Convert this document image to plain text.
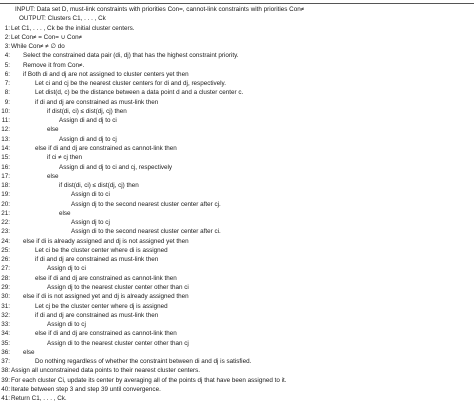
INPUT: Data set D, must-link constraints with priorities Con=, cannot-link constraints with priorities Con≠
OUTPUT: Clusters C1, . . . , Ck
1: Let C1, . . . , Ck be the initial cluster centers.
2: Let Con≠ = Con= ∪ Con≠
3: While Con≠ ≠ ∅ do
4:	Select the constrained data pair (di, dj) that has the highest constraint priority.
5:	Remove it from Con≠.
6:	if Both di and dj are not assigned to cluster centers yet then
7:	Let ci and cj be the nearest cluster centers for di and dj, respectively.
8:	Let dist(d, c) be the distance between a data point d and a cluster center c.
9:	if di and dj are constrained as must-link then
10:	if dist(di, ci) ≤ dist(dj, cj) then
11:	Assign di and dj to ci
12:	else
13:	Assign di and dj to cj
14:	else if di and dj are constrained as cannot-link then
15:	if ci ≠ cj then
16:	Assign di and dj to ci and cj, respectively
17:	else
18:	if dist(di, ci) ≤ dist(dj, cj) then
19:	Assign di to ci
20:	Assign dj to the second nearest cluster center after cj.
21:	else
22:	Assign dj to cj
23:	Assign di to the second nearest cluster center after ci.
24:	else if di is already assigned and dj is not assigned yet then
25:	Let ci be the cluster center where di is assigned
26:	if di and dj are constrained as must-link then
27:	Assign dj to ci
28:	else if di and dj are constrained as cannot-link then
29:	Assign dj to the nearest cluster center other than ci
30:	else if di is not assigned yet and dj is already assigned then
31:	Let cj be the cluster center where dj is assigned
32:	if di and dj are constrained as must-link then
33:	Assign di to cj
34:	else if di and dj are constrained as cannot-link then
35:	Assign di to the nearest cluster center other than cj
36:	else
37:	Do nothing regardless of whether the constraint between di and dj is satisfied.
38: Assign all unconstrained data points to their nearest cluster centers.
39: For each cluster Ci, update its center by averaging all of the points dj that have been assigned to it.
40: Iterate between step 3 and step 39 until convergence.
41: Return C1, . . . , Ck.
